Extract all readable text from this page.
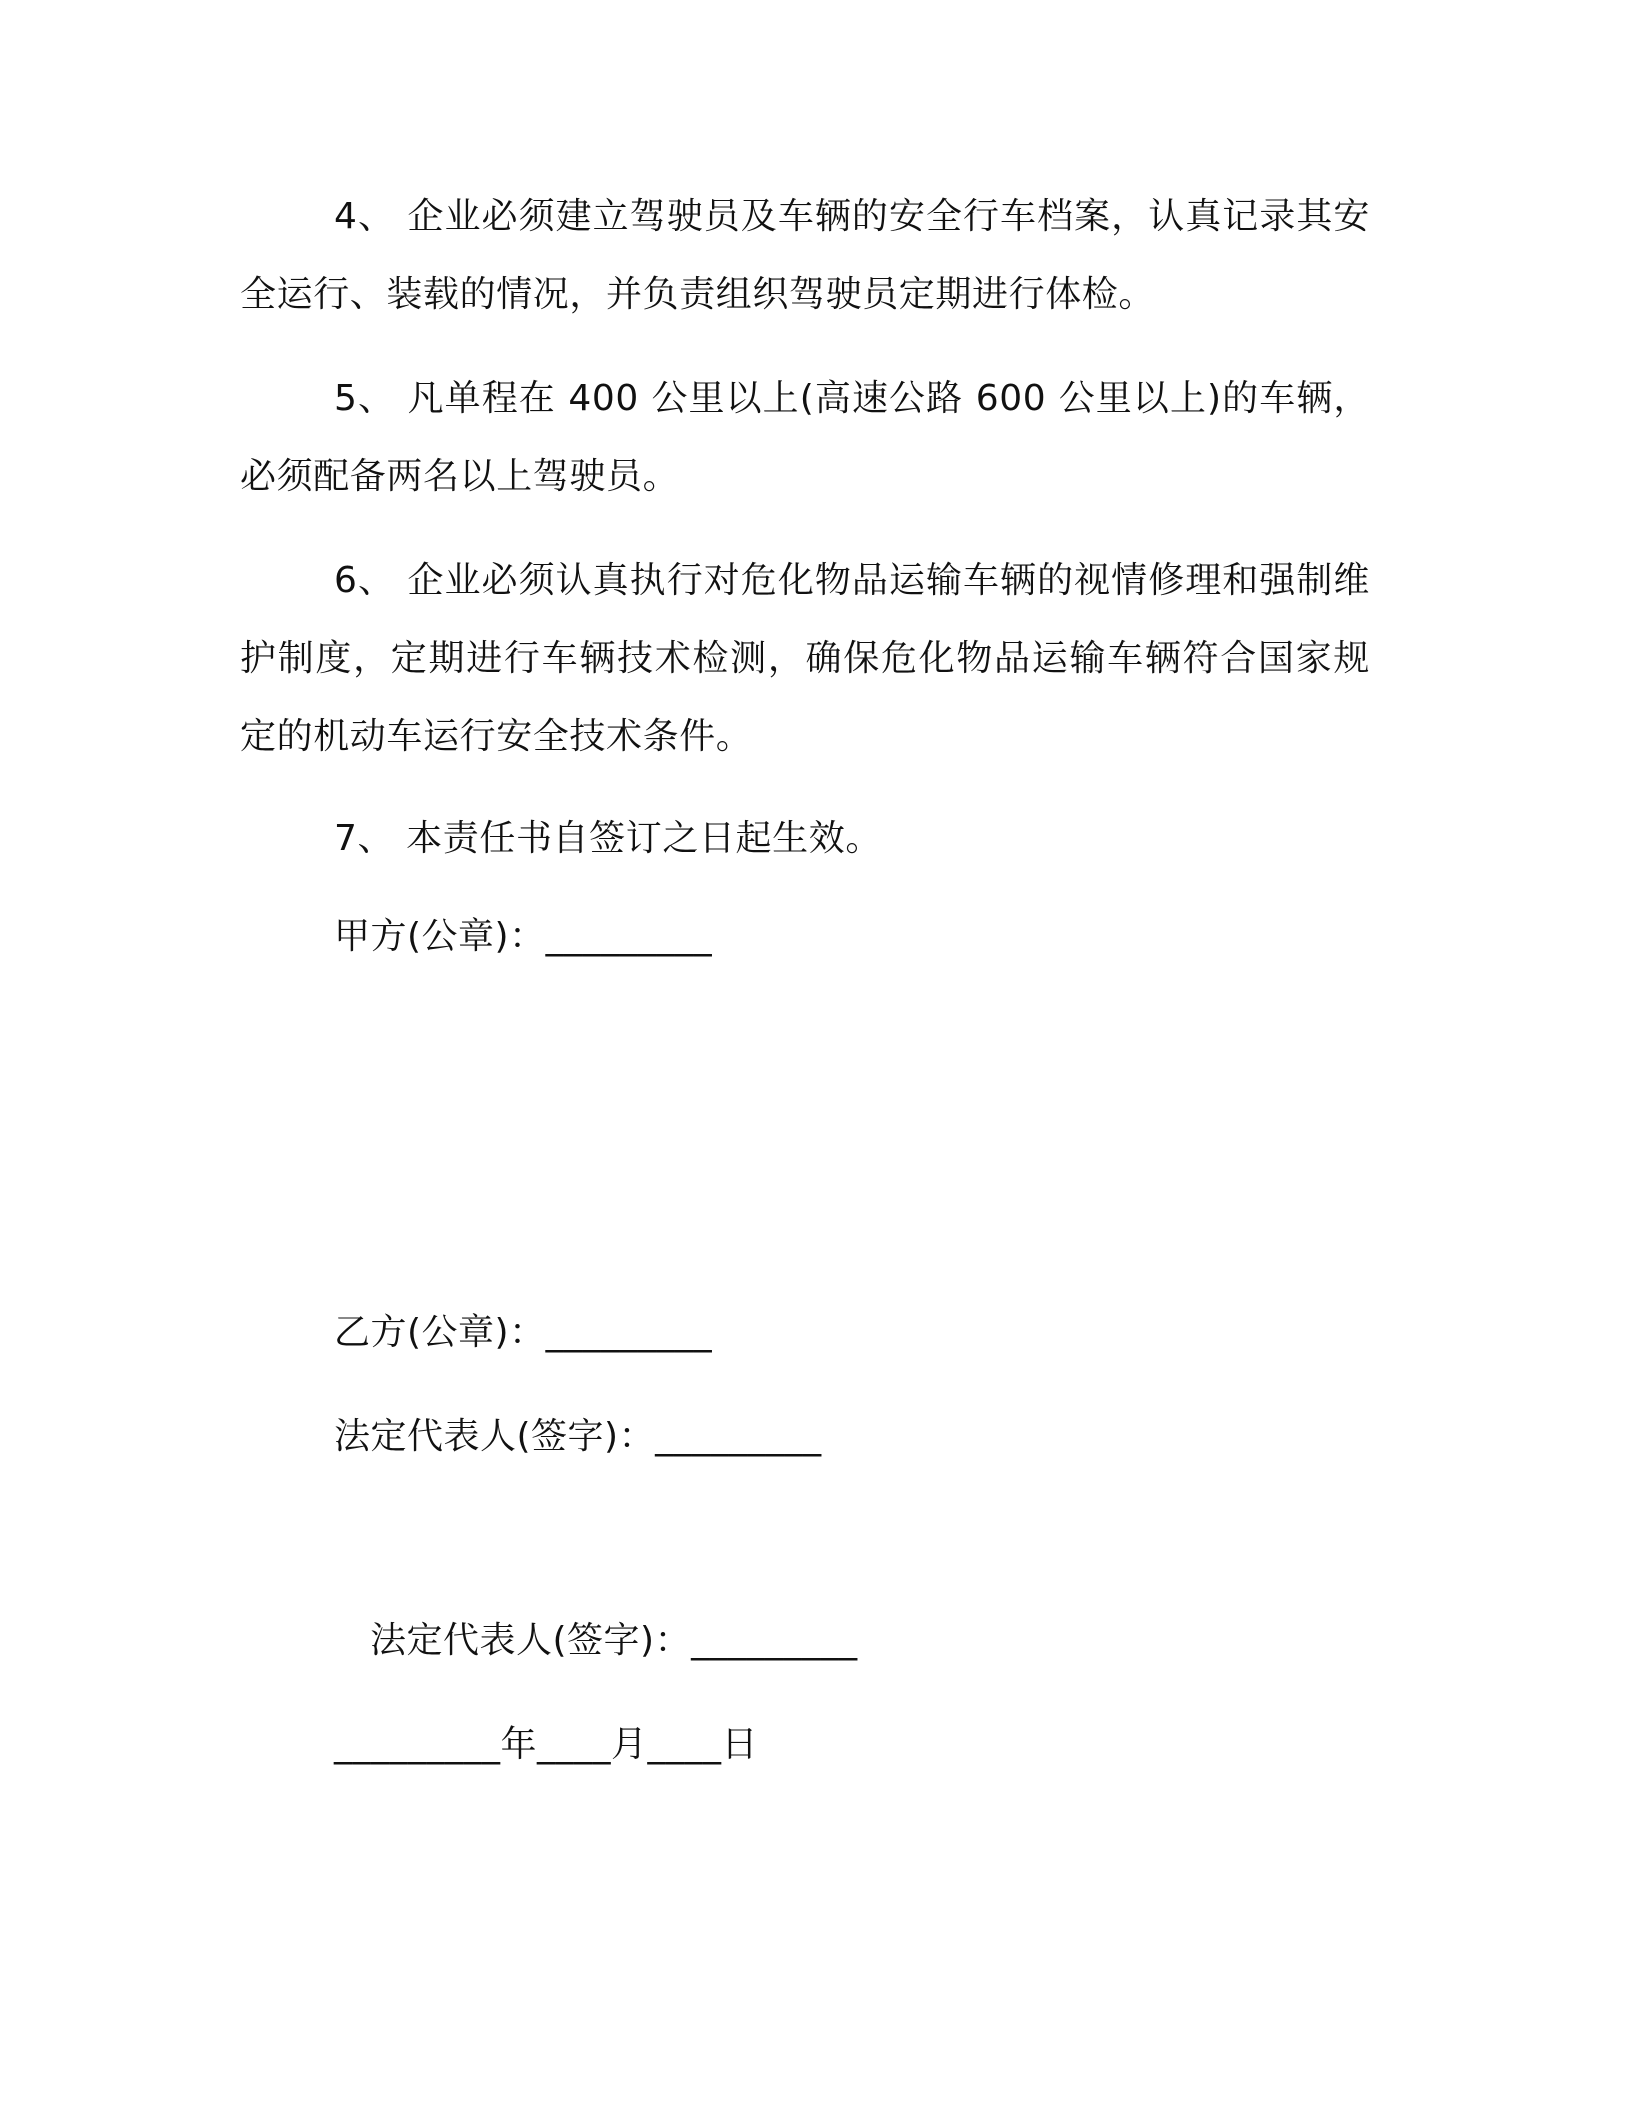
4、 企业必须建立驾驶员及车辆的安全行车档案，认真记录其安全运行、装载的情况，并负责组织驾驶员定期进行体检。
5、 凡单程在 400 公里以上(高速公路 600 公里以上)的车辆，必须配备两名以上驾驶员。
6、 企业必须认真执行对危化物品运输车辆的视情修理和强制维护制度，定期进行车辆技术检测，确保危化物品运输车辆符合国家规定的机动车运行安全技术条件。
7、 本责任书自签订之日起生效。
甲方(公章)：_________
乙方(公章)：_________
法定代表人(签字)：_________
法定代表人(签字)：_________
_________年____月____日
